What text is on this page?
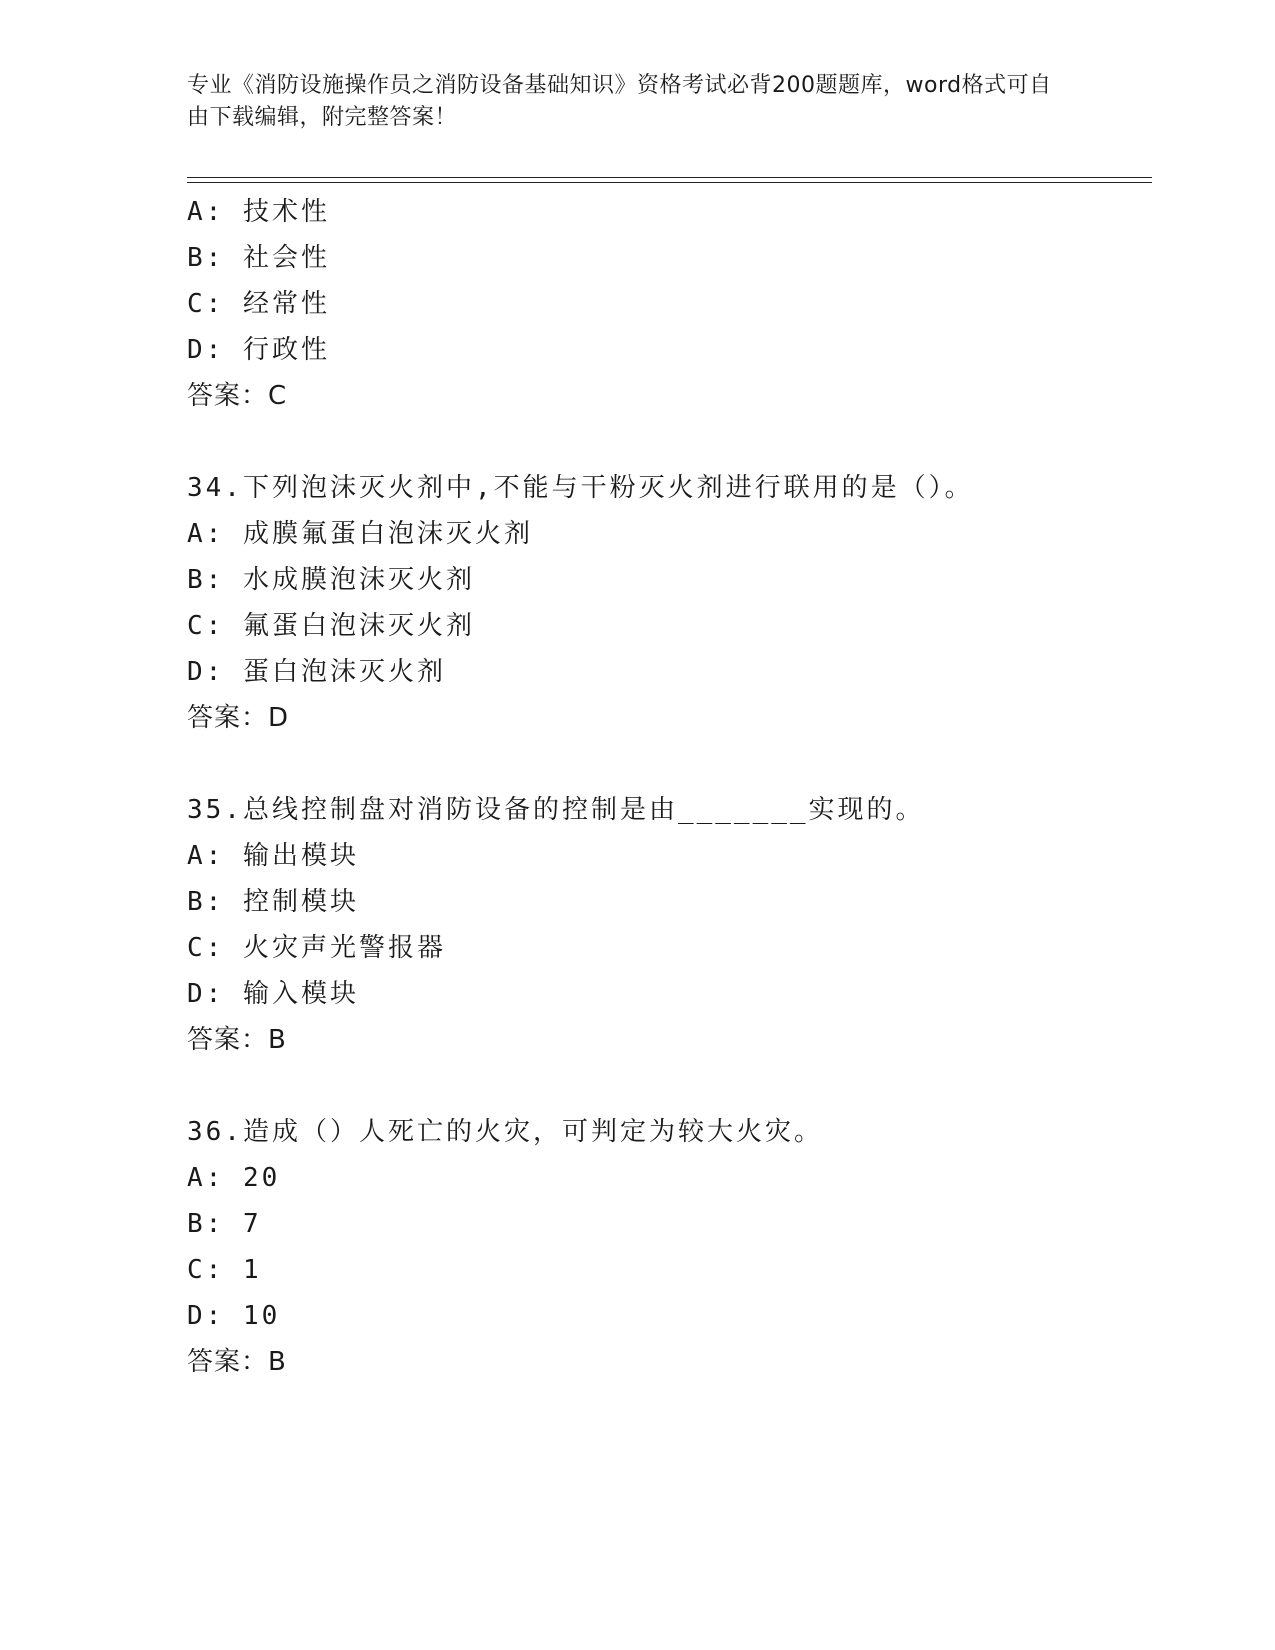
专业《消防设施操作员之消防设备基础知识》资格考试必背200题题库，word格式可自由下载编辑，附完整答案！
A: 技术性
B: 社会性
C: 经常性
D: 行政性
答案：C
34.下列泡沫灭火剂中,不能与干粉灭火剂进行联用的是（）。
A: 成膜氟蛋白泡沫灭火剂
B: 水成膜泡沫灭火剂
C: 氟蛋白泡沫灭火剂
D: 蛋白泡沫灭火剂
答案：D
35.总线控制盘对消防设备的控制是由_______实现的。
A: 输出模块
B: 控制模块
C: 火灾声光警报器
D: 输入模块
答案：B
36.造成（）人死亡的火灾，可判定为较大火灾。
A: 20
B: 7
C: 1
D: 10
答案：B
